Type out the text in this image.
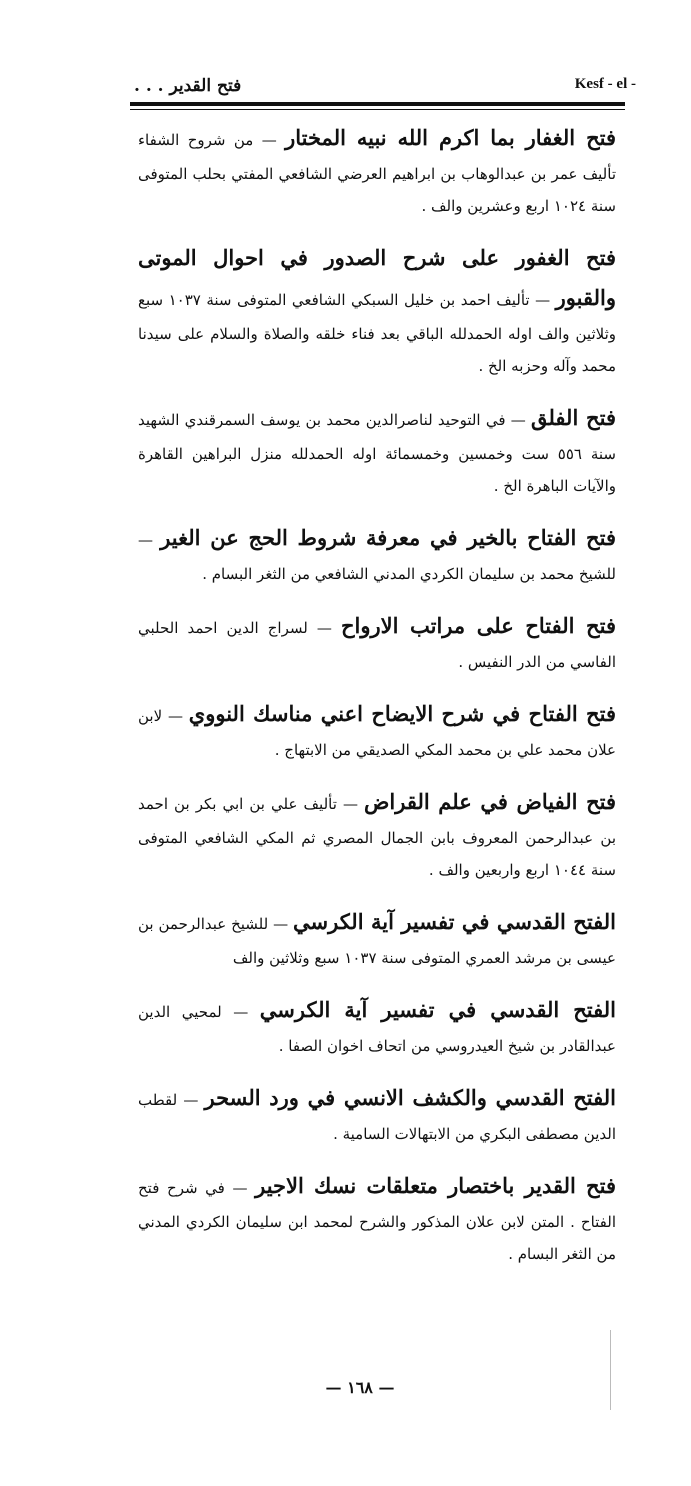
فتح القدير . . .	Kesf - el -

فتح الغفار بما اكرم الله نبيه المختار — من شروح الشفاء تأليف عمر بن عبدالوهاب بن ابراهيم العرضي الشافعي المفتي بحلب المتوفى سنة ١٠٢٤ اربع وعشرين والف .

فتح الغفور على شرح الصدور في احوال الموتى والقبور — تأليف احمد بن خليل السبكي الشافعي المتوفى سنة ١٠٣٧ سبع وثلاثين والف اوله الحمدلله الباقي بعد فناء خلقه والصلاة والسلام على سيدنا محمد وآله وحزبه الخ .

فتح الفلق — في التوحيد لناصرالدين محمد بن يوسف السمرقندي الشهيد سنة ٥٥٦ ست وخمسين وخمسمائة اوله الحمدلله منزل البراهين القاهرة والآيات الباهرة الخ .

فتح الفتاح بالخير في معرفة شروط الحج عن الغير — للشيخ محمد بن سليمان الكردي المدني الشافعي من الثغر البسام .

فتح الفتاح على مراتب الارواح — لسراج الدين احمد الحلبي الفاسي من الدر النفيس .

فتح الفتاح في شرح الايضاح اعني مناسك النووي — لابن علان محمد علي بن محمد المكي الصديقي من الابتهاج .

فتح الفياض في علم القراض — تأليف علي بن ابي بكر بن احمد بن عبدالرحمن المعروف بابن الجمال المصري ثم المكي الشافعي المتوفى سنة ١٠٤٤ اربع واربعين والف .

الفتح القدسي في تفسير آية الكرسي — للشيخ عبدالرحمن بن عيسى بن مرشد العمري المتوفى سنة ١٠٣٧ سبع وثلاثين والف

الفتح القدسي في تفسير آية الكرسي — لمحيي الدين عبدالقادر بن شيخ العيدروسي من اتحاف اخوان الصفا .

الفتح القدسي والكشف الانسي في ورد السحر — لقطب الدين مصطفى البكري من الابتهالات السامية .

فتح القدير باختصار متعلقات نسك الاجير — في شرح فتح الفتاح . المتن لابن علان المذكور والشرح لمحمد ابن سليمان الكردي المدني من الثغر البسام .

— ١٦٨ —
